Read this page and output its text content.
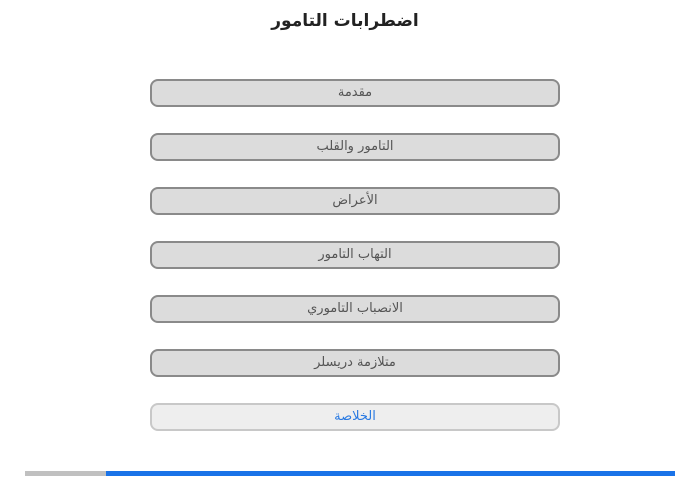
اضطرابات التامور
مقدمة
التامور والقلب
الأعراض
التهاب التامور
الانصباب التاموري
متلازمة دريسلر
الخلاصة
